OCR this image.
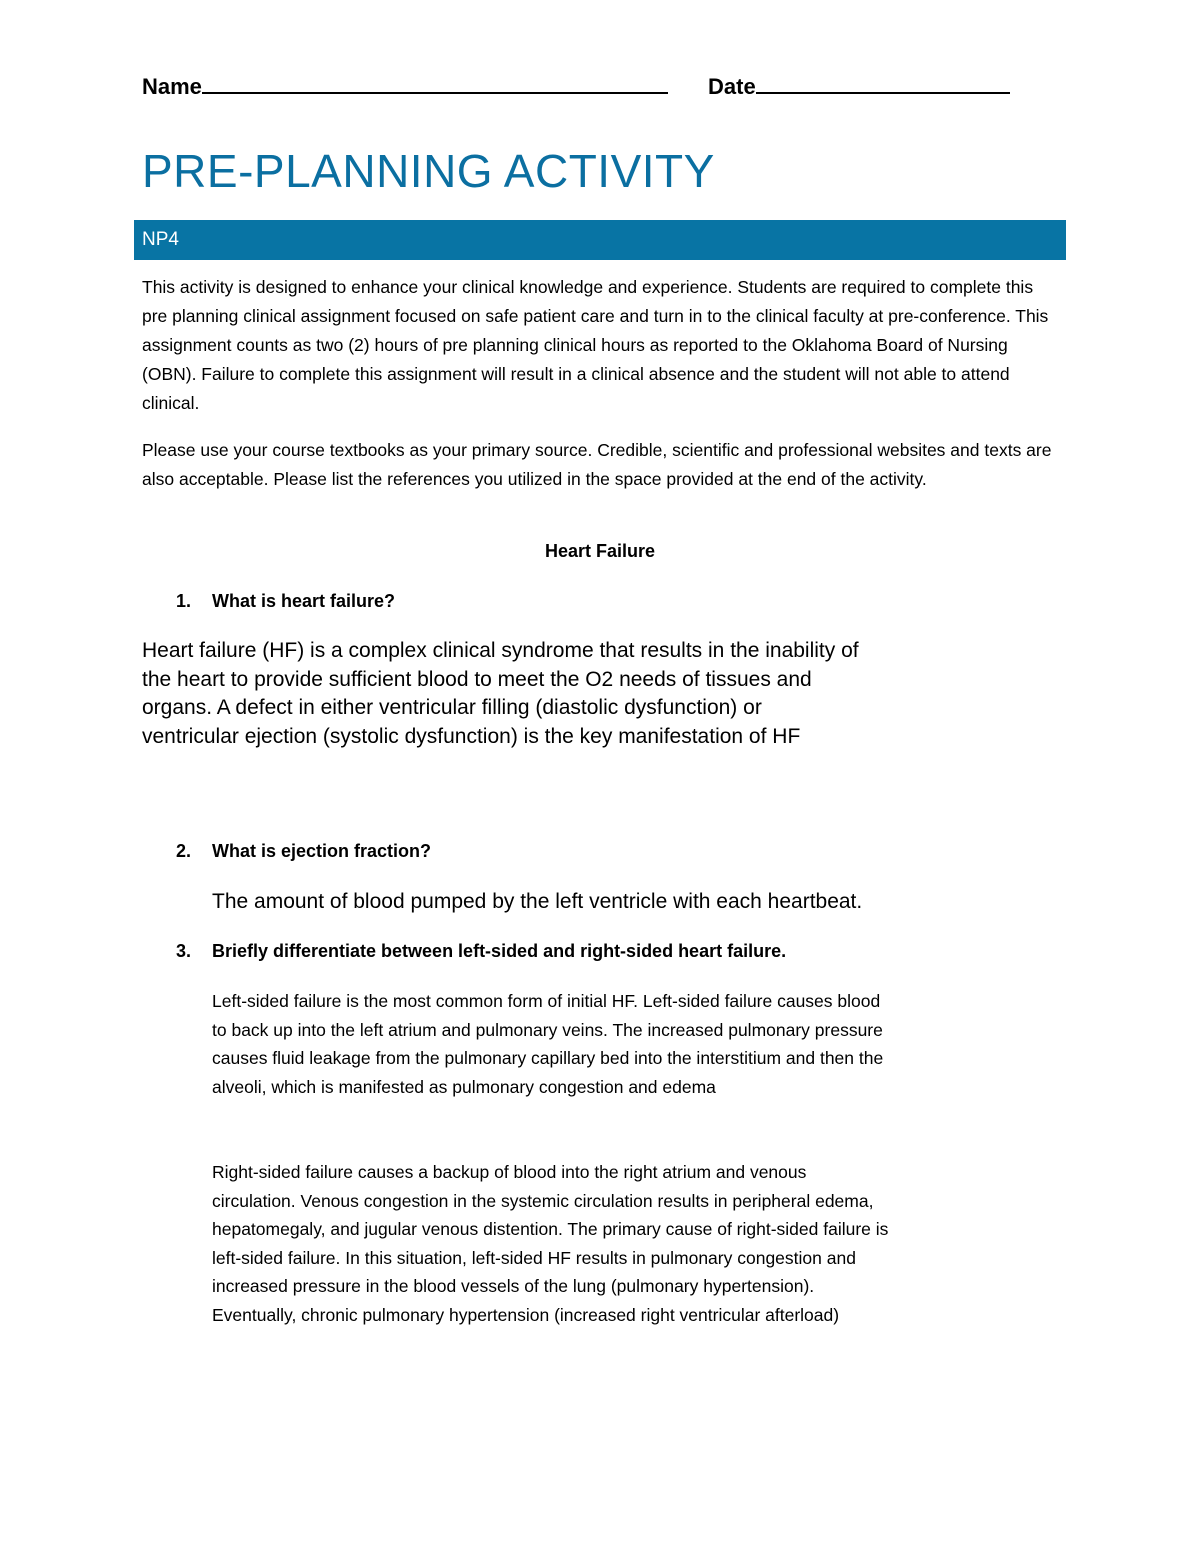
Name	Date
PRE-PLANNING ACTIVITY
NP4

This activity is designed to enhance your clinical knowledge and experience. Students are required to complete this pre planning clinical assignment focused on safe patient care and turn in to the clinical faculty at pre-conference. This assignment counts as two (2) hours of pre planning clinical hours as reported to the Oklahoma Board of Nursing (OBN). Failure to complete this assignment will result in a clinical absence and the student will not able to attend clinical.

Please use your course textbooks as your primary source. Credible, scientific and professional websites and texts are also acceptable. Please list the references you utilized in the space provided at the end of the activity.

Heart Failure
1. What is heart failure?

Heart failure (HF) is a complex clinical syndrome that results in the inability of the heart to provide sufficient blood to meet the O2 needs of tissues and organs. A defect in either ventricular filling (diastolic dysfunction) or ventricular ejection (systolic dysfunction) is the key manifestation of HF

2. What is ejection fraction?

The amount of blood pumped by the left ventricle with each heartbeat.

3. Briefly differentiate between left-sided and right-sided heart failure.

Left-sided failure is the most common form of initial HF. Left-sided failure causes blood to back up into the left atrium and pulmonary veins. The increased pulmonary pressure causes fluid leakage from the pulmonary capillary bed into the interstitium and then the alveoli, which is manifested as pulmonary congestion and edema

Right-sided failure causes a backup of blood into the right atrium and venous circulation. Venous congestion in the systemic circulation results in peripheral edema, hepatomegaly, and jugular venous distention. The primary cause of right-sided failure is left-sided failure. In this situation, left-sided HF results in pulmonary congestion and increased pressure in the blood vessels of the lung (pulmonary hypertension). Eventually, chronic pulmonary hypertension (increased right ventricular afterload)
